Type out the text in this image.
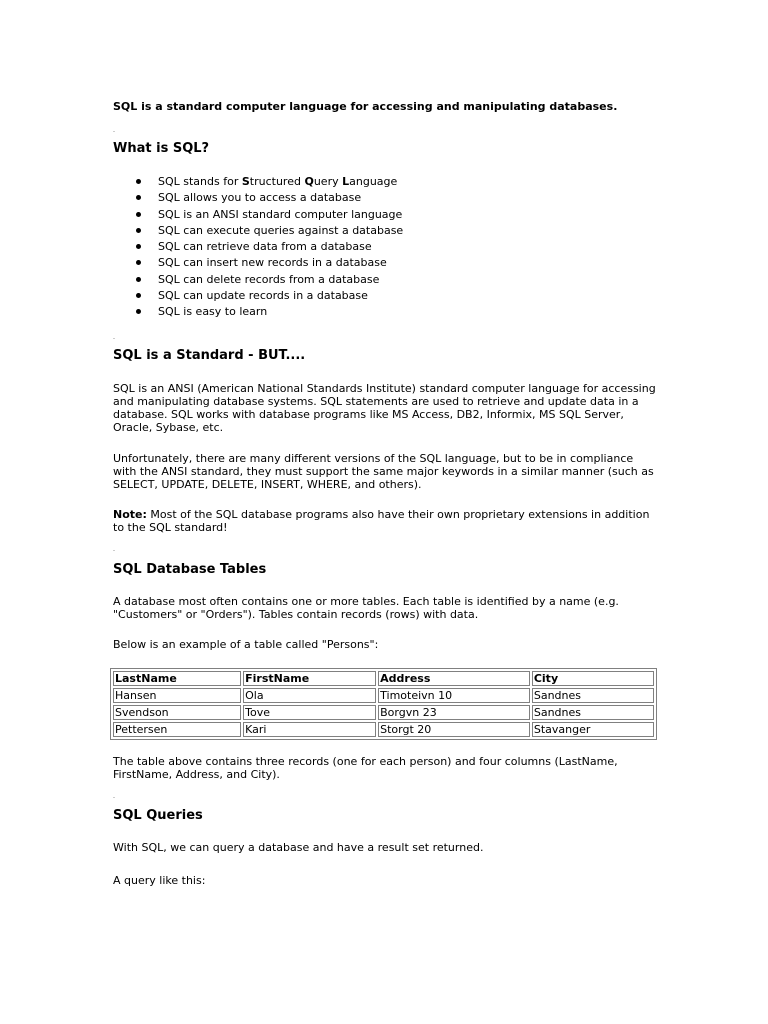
SQL is a standard computer language for accessing and manipulating databases.
What is SQL?
SQL stands for Structured Query Language
SQL allows you to access a database
SQL is an ANSI standard computer language
SQL can execute queries against a database
SQL can retrieve data from a database
SQL can insert new records in a database
SQL can delete records from a database
SQL can update records in a database
SQL is easy to learn
SQL is a Standard - BUT....

SQL is an ANSI (American National Standards Institute) standard computer language for accessing and manipulating database systems. SQL statements are used to retrieve and update data in a database. SQL works with database programs like MS Access, DB2, Informix, MS SQL Server, Oracle, Sybase, etc.

Unfortunately, there are many different versions of the SQL language, but to be in compliance with the ANSI standard, they must support the same major keywords in a similar manner (such as SELECT, UPDATE, DELETE, INSERT, WHERE, and others).

Note: Most of the SQL database programs also have their own proprietary extensions in addition to the SQL standard!

SQL Database Tables

A database most often contains one or more tables. Each table is identified by a name (e.g. "Customers" or "Orders"). Tables contain records (rows) with data.

Below is an example of a table called "Persons":

LastName	FirstName	Address	City
Hansen	Ola	Timoteivn 10	Sandnes
Svendson	Tove	Borgvn 23	Sandnes
Pettersen	Kari	Storgt 20	Stavanger

The table above contains three records (one for each person) and four columns (LastName, FirstName, Address, and City).

SQL Queries

With SQL, we can query a database and have a result set returned.

A query like this:
